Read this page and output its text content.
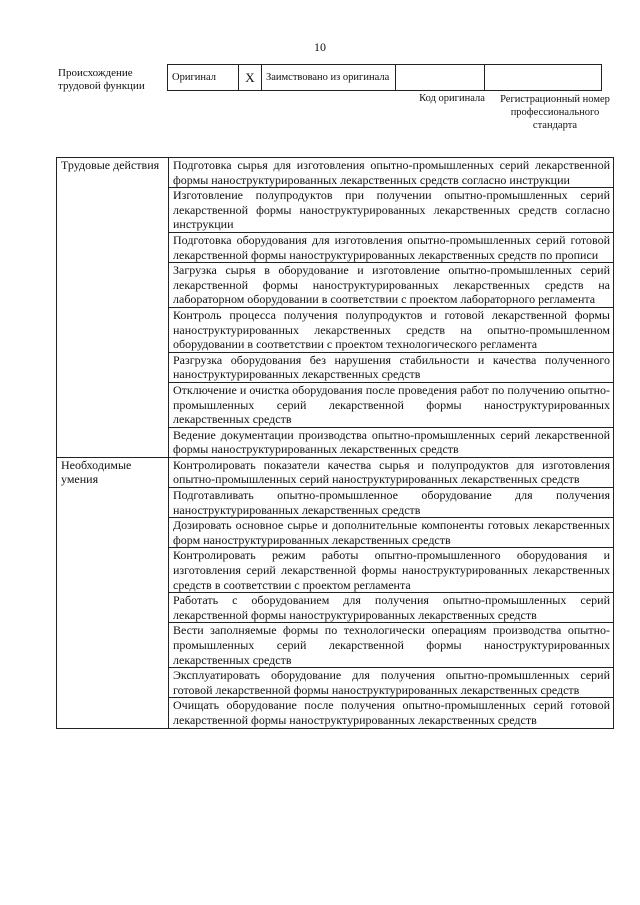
10
Происхождение трудовой функции
Оригинал	X	Заимствовано из оригинала		
Код оригинала	Регистрационный номер профессионального стандарта
Трудовые действия	Подготовка сырья для изготовления опытно-промышленных серий лекарственной формы наноструктурированных лекарственных средств согласно инструкции
	Изготовление полупродуктов при получении опытно-промышленных серий лекарственной формы наноструктурированных лекарственных средств согласно инструкции
	Подготовка оборудования для изготовления опытно-промышленных серий готовой лекарственной формы наноструктурированных лекарственных средств по прописи
	Загрузка сырья в оборудование и изготовление опытно-промышленных серий лекарственной формы наноструктурированных лекарственных средств на лабораторном оборудовании в соответствии с проектом лабораторного регламента
	Контроль процесса получения полупродуктов и готовой лекарственной формы наноструктурированных лекарственных средств на опытно-промышленном оборудовании в соответствии с проектом технологического регламента
	Разгрузка оборудования без нарушения стабильности и качества полученного наноструктурированных лекарственных средств
	Отключение и очистка оборудования после проведения работ по получению опытно-промышленных серий лекарственной формы наноструктурированных лекарственных средств
	Ведение документации производства опытно-промышленных серий лекарственной формы наноструктурированных лекарственных средств
Необходимые умения	Контролировать показатели качества сырья и полупродуктов для изготовления опытно-промышленных серий наноструктурированных лекарственных средств
	Подготавливать опытно-промышленное оборудование для получения наноструктурированных лекарственных средств
	Дозировать основное сырье и дополнительные компоненты готовых лекарственных форм наноструктурированных лекарственных средств
	Контролировать режим работы опытно-промышленного оборудования и изготовления серий лекарственной формы наноструктурированных лекарственных средств в соответствии с проектом регламента
	Работать с оборудованием для получения опытно-промышленных серий лекарственной формы наноструктурированных лекарственных средств
	Вести заполняемые формы по технологически операциям производства опытно-промышленных серий лекарственной формы наноструктурированных лекарственных средств
	Эксплуатировать оборудование для получения опытно-промышленных серий готовой лекарственной формы наноструктурированных лекарственных средств
	Очищать оборудование после получения опытно-промышленных серий готовой лекарственной формы наноструктурированных лекарственных средств
